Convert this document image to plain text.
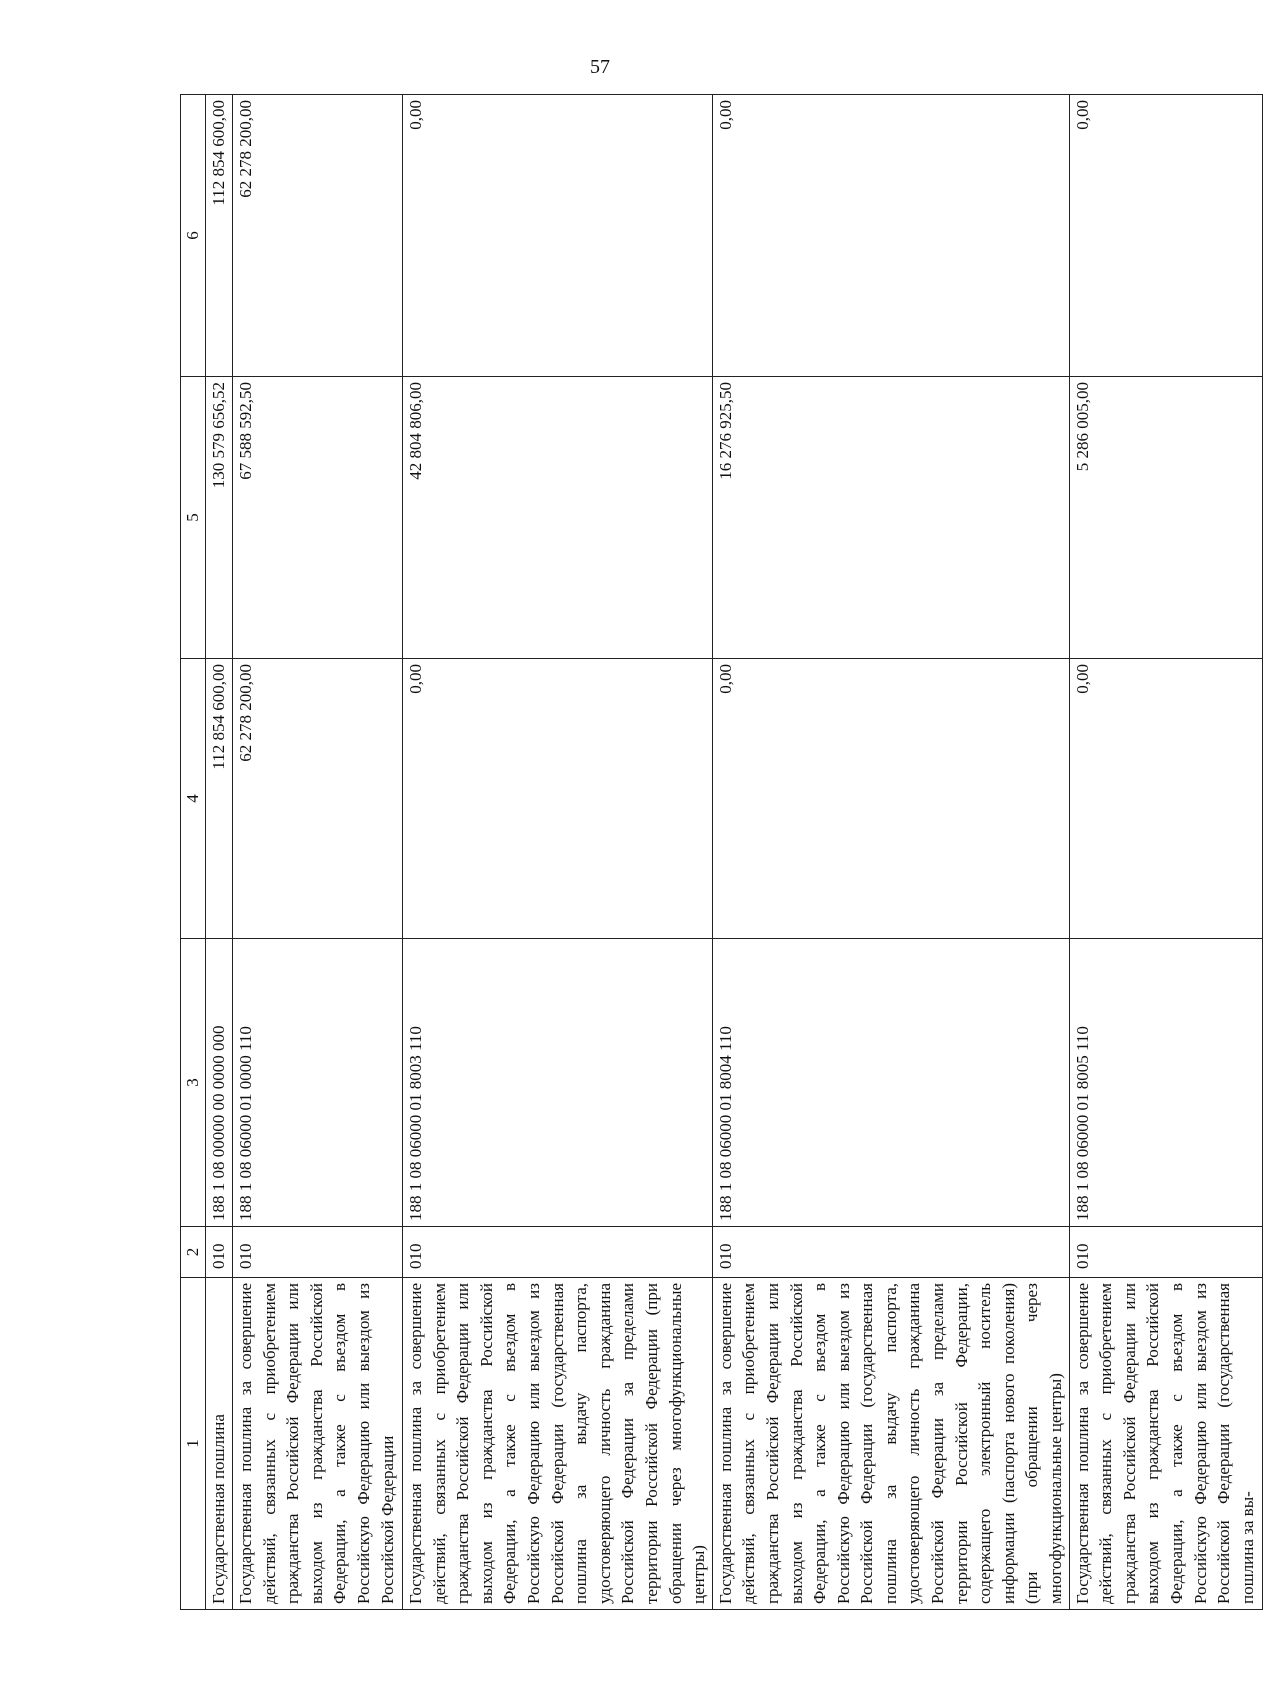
57
1	2	3	4	5	6
Государственная пошлина	010	188 1 08 00000 00 0000 000	112 854 600,00	130 579 656,52	112 854 600,00
Государственная пошлина за совершение действий, связанных с приобретением гражданства Российской Федерации или выходом из гражданства Российской Федерации, а также с въездом в Российскую Федерацию или выездом из Российской Федерации	010	188 1 08 06000 01 0000 110	62 278 200,00	67 588 592,50	62 278 200,00
Государственная пошлина за совершение действий, связанных с приобретением гражданства Российской Федерации или выходом из гражданства Российской Федерации, а также с въездом в Российскую Федерацию или выездом из Российской Федерации (государственная пошлина за выдачу паспорта, удостоверяющего личность гражданина Российской Федерации за пределами территории Российской Федерации (при обращении через многофункциональные центры)	010	188 1 08 06000 01 8003 110	0,00	42 804 806,00	0,00
Государственная пошлина за совершение действий, связанных с приобретением гражданства Российской Федерации или выходом из гражданства Российской Федерации, а также с въездом в Российскую Федерацию или выездом из Российской Федерации (государственная пошлина за выдачу паспорта, удостоверяющего личность гражданина Российской Федерации за пределами территории Российской Федерации, содержащего электронный носитель информации (паспорта нового поколения) (при обращении через многофункциональные центры)	010	188 1 08 06000 01 8004 110	0,00	16 276 925,50	0,00
Государственная пошлина за совершение действий, связанных с приобретением гражданства Российской Федерации или выходом из гражданства Российской Федерации, а также с въездом в Российскую Федерацию или выездом из Российской Федерации (государственная пошлина за вы-	010	188 1 08 06000 01 8005 110	0,00	5 286 005,00	0,00
